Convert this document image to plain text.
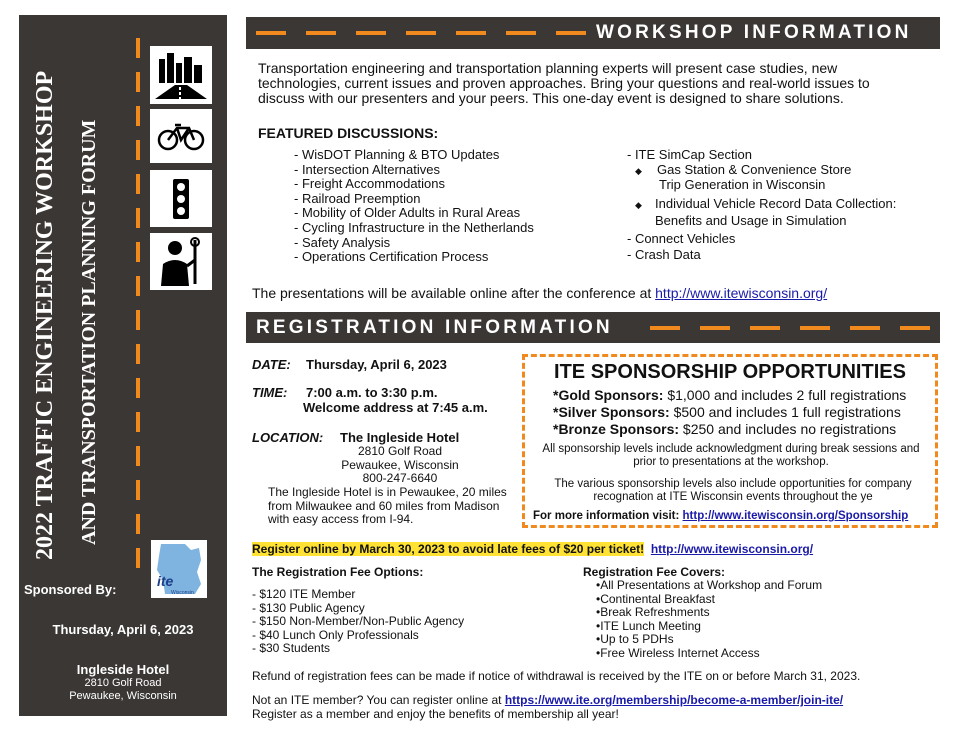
2022 TRAFFIC ENGINEERING WORKSHOP AND TRANSPORTATION PLANNING FORUM
Sponsored By:
ite
Wisconsin
Thursday, April 6, 2023
Ingleside Hotel
2810 Golf Road
Pewaukee, Wisconsin
WORKSHOP INFORMATION
Transportation engineering and transportation planning experts will present case studies, new technologies, current issues and proven approaches. Bring your questions and real-world issues to discuss with our presenters and your peers. This one-day event is designed to share solutions.
FEATURED DISCUSSIONS:
- WisDOT Planning & BTO Updates
- Intersection Alternatives
- Freight Accommodations
- Railroad Preemption
- Mobility of Older Adults in Rural Areas
- Cycling Infrastructure in the Netherlands
- Safety Analysis
- Operations Certification Process
- ITE SimCap Section
◆ Gas Station & Convenience Store
Trip Generation in Wisconsin
◆ Individual Vehicle Record Data Collection:
Benefits and Usage in Simulation
- Connect Vehicles
- Crash Data
The presentations will be available online after the conference at http://www.itewisconsin.org/
REGISTRATION INFORMATION
DATE: Thursday, April 6, 2023
TIME: 7:00 a.m. to 3:30 p.m.
Welcome address at 7:45 a.m.
LOCATION: The Ingleside Hotel
2810 Golf Road
Pewaukee, Wisconsin
800-247-6640
The Ingleside Hotel is in Pewaukee, 20 miles from Milwaukee and 60 miles from Madison with easy access from I-94.
ITE SPONSORSHIP OPPORTUNITIES
*Gold Sponsors: $1,000 and includes 2 full registrations
*Silver Sponsors: $500 and includes 1 full registrations
*Bronze Sponsors: $250 and includes no registrations
All sponsorship levels include acknowledgment during break sessions and prior to presentations at the workshop.
The various sponsorship levels also include opportunities for company recognation at ITE Wisconsin events throughout the ye
For more information visit: http://www.itewisconsin.org/Sponsorship
Register online by March 30, 2023 to avoid late fees of $20 per ticket! http://www.itewisconsin.org/
The Registration Fee Options:
- $120 ITE Member
- $130 Public Agency
- $150 Non-Member/Non-Public Agency
- $40 Lunch Only Professionals
- $30 Students
Registration Fee Covers:
• All Presentations at Workshop and Forum
• Continental Breakfast
• Break Refreshments
• ITE Lunch Meeting
• Up to 5 PDHs
• Free Wireless Internet Access
Refund of registration fees can be made if notice of withdrawal is received by the ITE on or before March 31, 2023.
Not an ITE member? You can register online at https://www.ite.org/membership/become-a-member/join-ite/
Register as a member and enjoy the benefits of membership all year!
